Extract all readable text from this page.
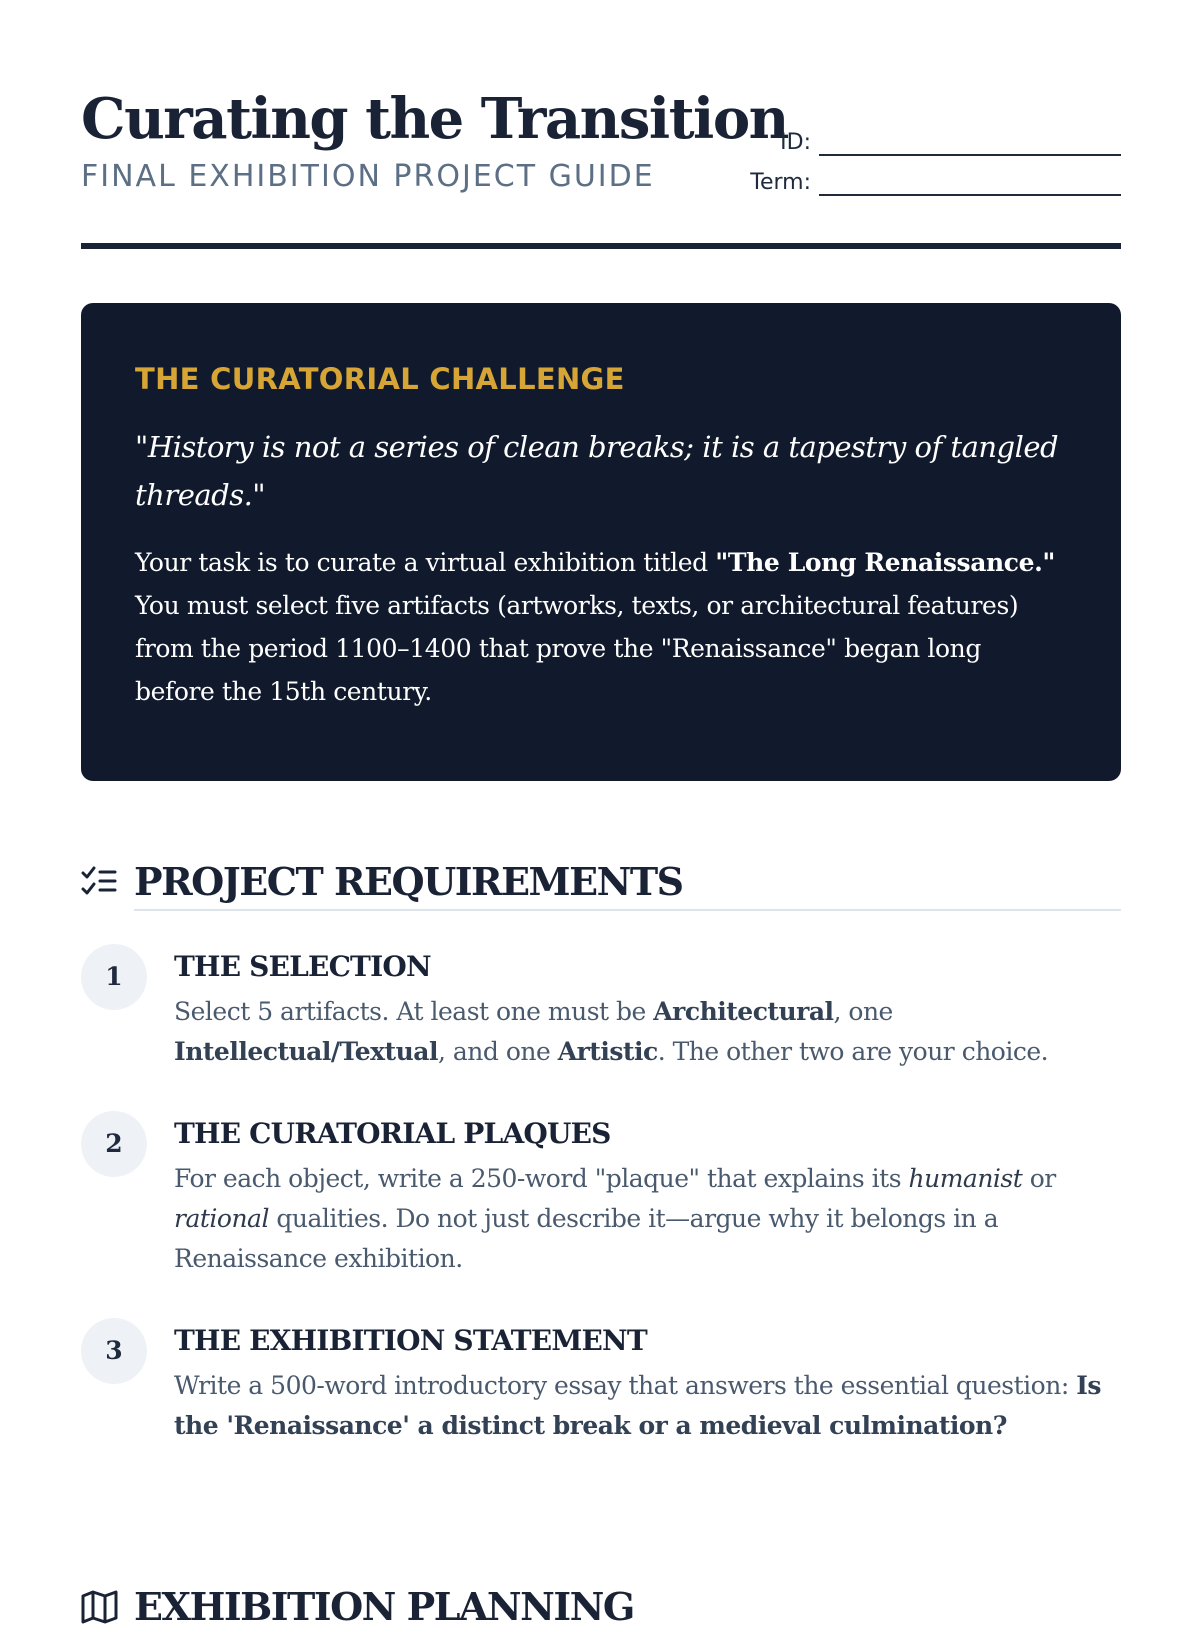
Curating the Transition
FINAL EXHIBITION PROJECT GUIDE
ID:
Term:
THE CURATORIAL CHALLENGE

"History is not a series of clean breaks; it is a tapestry of tangled threads."

Your task is to curate a virtual exhibition titled "The Long Renaissance." You must select five artifacts (artworks, texts, or architectural features) from the period 1100–1400 that prove the "Renaissance" began long before the 15th century.

PROJECT REQUIREMENTS
1	THE SELECTION

Select 5 artifacts. At least one must be Architectural, one Intellectual/Textual, and one Artistic. The other two are your choice.

2	THE CURATORIAL PLAQUES

For each object, write a 250-word "plaque" that explains its humanist or rational qualities. Do not just describe it—argue why it belongs in a Renaissance exhibition.

3	THE EXHIBITION STATEMENT

Write a 500-word introductory essay that answers the essential question: Is the 'Renaissance' a distinct break or a medieval culmination?

EXHIBITION PLANNING
